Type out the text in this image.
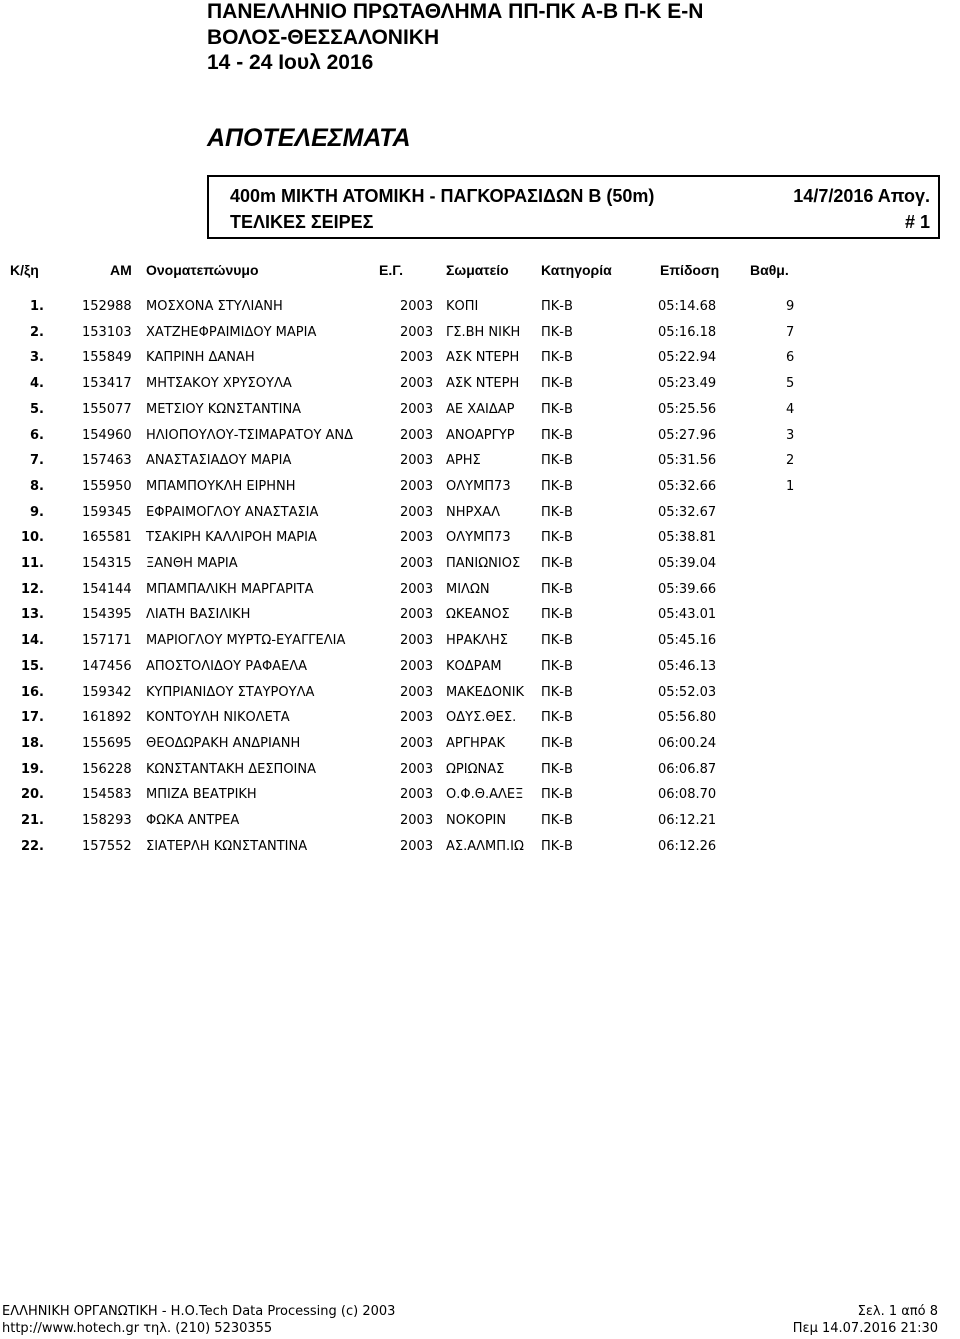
ΠΑΝΕΛΛΗΝΙΟ ΠΡΩΤΑΘΛΗΜΑ ΠΠ-ΠΚ Α-Β Π-Κ Ε-Ν
ΒΟΛΟΣ-ΘΕΣΣΑΛΟΝΙΚΗ
14 - 24 Ιουλ 2016
ΑΠΟΤΕΛΕΣΜΑΤΑ
400m ΜΙΚΤΗ ΑΤΟΜΙΚΗ - ΠΑΓΚΟΡΑΣΙΔΩΝ Β (50m)	14/7/2016 Απογ.
ΤΕΛΙΚΕΣ ΣΕΙΡΕΣ	# 1
Κ/ξη	ΑΜ Ονοματεπώνυμο	Ε.Γ.	Σωματείο Κατηγορία	Επίδοση Βαθμ.
1.	152988 ΜΟΣΧΟΝΑ ΣΤΥΛΙΑΝΗ	2003 ΚΟΠΙ	ΠΚ-Β	05:14.68	9
2.	153103 ΧΑΤΖΗΕΦΡΑΙΜΙΔΟΥ ΜΑΡΙΑ	2003 ΓΣ.ΒΗ ΝΙΚΗ ΠΚ-Β	05:16.18	7
3.	155849 ΚΑΠΡΙΝΗ ΔΑΝΑΗ	2003 ΑΣΚ ΝΤΕΡΗ ΠΚ-Β	05:22.94	6
4.	153417 ΜΗΤΣΑΚΟΥ ΧΡΥΣΟΥΛΑ	2003 ΑΣΚ ΝΤΕΡΗ ΠΚ-Β	05:23.49	5
5.	155077 ΜΕΤΣΙΟΥ ΚΩΝΣΤΑΝΤΙΝΑ	2003 ΑΕ ΧΑΙΔΑΡ ΠΚ-Β	05:25.56	4
6.	154960 ΗΛΙΟΠΟΥΛΟΥ-ΤΣΙΜΑΡΑΤΟΥ ΑΝΔ	2003 ΑΝΟΑΡΓΥΡ ΠΚ-Β	05:27.96	3
7.	157463 ΑΝΑΣΤΑΣΙΑΔΟΥ ΜΑΡΙΑ	2003 ΑΡΗΣ	ΠΚ-Β	05:31.56	2
8.	155950 ΜΠΑΜΠΟΥΚΛΗ ΕΙΡΗΝΗ	2003 ΟΛΥΜΠ73 ΠΚ-Β	05:32.66	1
9.	159345 ΕΦΡΑΙΜΟΓΛΟΥ ΑΝΑΣΤΑΣΙΑ	2003 ΝΗΡΧΑΛ	ΠΚ-Β	05:32.67
10.	165581 ΤΣΑΚΙΡΗ ΚΑΛΛΙΡΟΗ ΜΑΡΙΑ	2003 ΟΛΥΜΠ73 ΠΚ-Β	05:38.81
11.	154315 ΞΑΝΘΗ ΜΑΡΙΑ	2003 ΠΑΝΙΩΝΙΟΣ ΠΚ-Β	05:39.04
12.	154144 ΜΠΑΜΠΑΛΙΚΗ ΜΑΡΓΑΡΙΤΑ	2003 ΜΙΛΩΝ	ΠΚ-Β	05:39.66
13.	154395 ΛΙΑΤΗ ΒΑΣΙΛΙΚΗ	2003 ΩΚΕΑΝΟΣ ΠΚ-Β	05:43.01
14.	157171 ΜΑΡΙΟΓΛΟΥ ΜΥΡΤΩ-ΕΥΑΓΓΕΛΙΑ	2003 ΗΡΑΚΛΗΣ	ΠΚ-Β	05:45.16
15.	147456 ΑΠΟΣΤΟΛΙΔΟΥ ΡΑΦΑΕΛΑ	2003 ΚΟΔΡΑΜ	ΠΚ-Β	05:46.13
16.	159342 ΚΥΠΡΙΑΝΙΔΟΥ ΣΤΑΥΡΟΥΛΑ	2003 ΜΑΚΕΔΟΝΙΚ ΠΚ-Β	05:52.03
17.	161892 ΚΟΝΤΟΥΛΗ ΝΙΚΟΛΕΤΑ	2003 ΟΔΥΣ.ΘΕΣ. ΠΚ-Β	05:56.80
18.	155695 ΘΕΟΔΩΡΑΚΗ ΑΝΔΡΙΑΝΗ	2003 ΑΡΓΗΡΑΚ	ΠΚ-Β	06:00.24
19.	156228 ΚΩΝΣΤΑΝΤΑΚΗ ΔΕΣΠΟΙΝΑ	2003 ΩΡΙΩΝΑΣ	ΠΚ-Β	06:06.87
20.	154583 ΜΠΙΖΑ ΒΕΑΤΡΙΚΗ	2003 Ο.Φ.Θ.ΑΛΕΞ ΠΚ-Β	06:08.70
21.	158293 ΦΩΚΑ ΑΝΤΡΕΑ	2003 ΝΟΚΟΡΙΝ	ΠΚ-Β	06:12.21
22.	157552 ΣΙΑΤΕΡΛΗ ΚΩΝΣΤΑΝΤΙΝΑ	2003 ΑΣ.ΑΛΜΠ.ΙΩ ΠΚ-Β	06:12.26
ΕΛΛΗΝΙΚΗ ΟΡΓΑΝΩΤΙΚΗ - Η.Ο.Tech Data Processing (c) 2003
http://www.hotech.gr τηλ. (210) 5230355
Σελ. 1 από 8
Πεμ 14.07.2016 21:30
